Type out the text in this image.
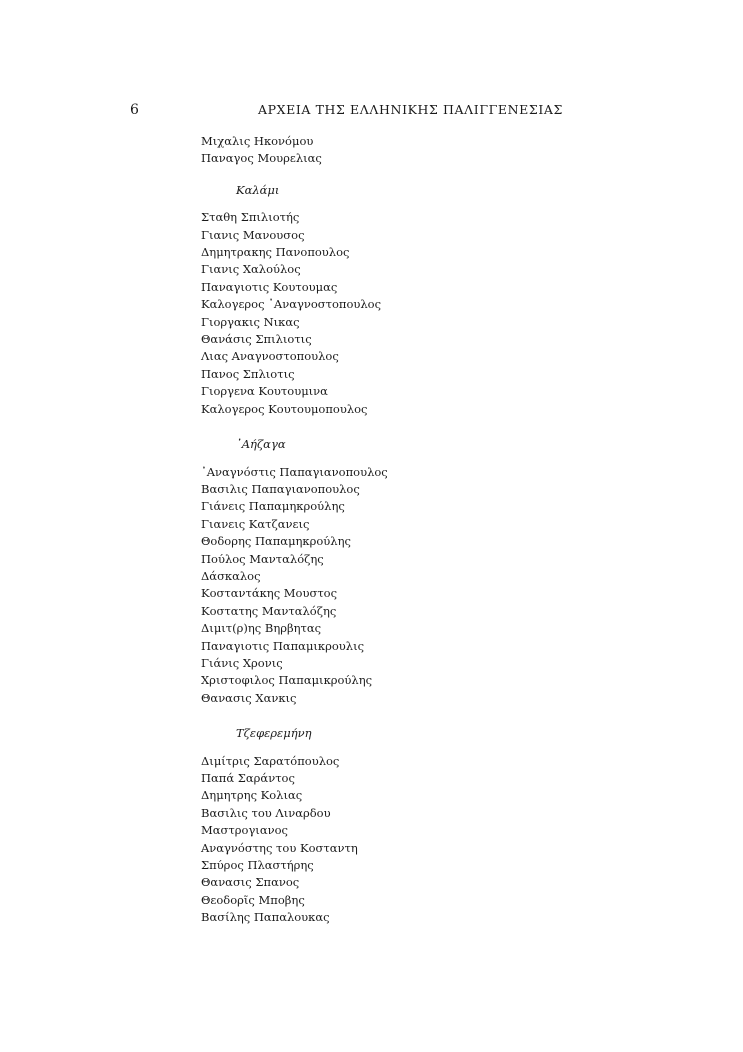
6	ΑΡΧΕΙΑ ΤΗΣ ΕΛΛΗΝΙΚΗΣ ΠΑΛΙΓΓΕΝΕΣΙΑΣ
Μιχαλις Ηκονόμου
Παναγος Μουρελιας
Καλάμι
Σταθη Σπιλιοτής
Γιανις Μανουσος
Δημητρακης Πανοπουλος
Γιανις Χαλούλος
Παναγιοτις Κουτουμας
Καλογερος ᾿Αναγνοστοπουλος
Γιοργακις Νικας
Θανάσις Σπιλιοτις
Λιας Αναγνοστοπουλος
Πανος Σπλιοτις
Γιοργενα Κουτουμινα
Καλογερος Κουτουμοπουλος
᾿Αήζαγα
᾿Αναγνόστις Παπαγιανοπουλος
Βασιλις Παπαγιανοπουλος
Γιάνεις Παπαμηκρούλης
Γιανεις Κατζανεις
Θοδορης Παπαμηκρούλης
Πούλος Μανταλόζης
Δάσκαλος
Κοσταντάκης Μουστος
Κοστατης Μανταλόζης
Διμιτ(ρ)ης Βηρβητας
Παναγιοτις Παπαμικρουλις
Γιάνις Χρονις
Χριστοφιλος Παπαμικρούλης
Θανασις Χανκις
Τζεφερεμήνη
Διμίτρις Σαρατόπουλος
Παπά Σαράντος
Δημητρης Κολιας
Βασιλις του Λιναρδου
Μαστρογιανος
Αναγνόστης του Κοσταντη
Σπύρος Πλαστήρης
Θανασις Σπανος
Θεοδορῖς Μποβης
Βασίλης Παπαλουκας
